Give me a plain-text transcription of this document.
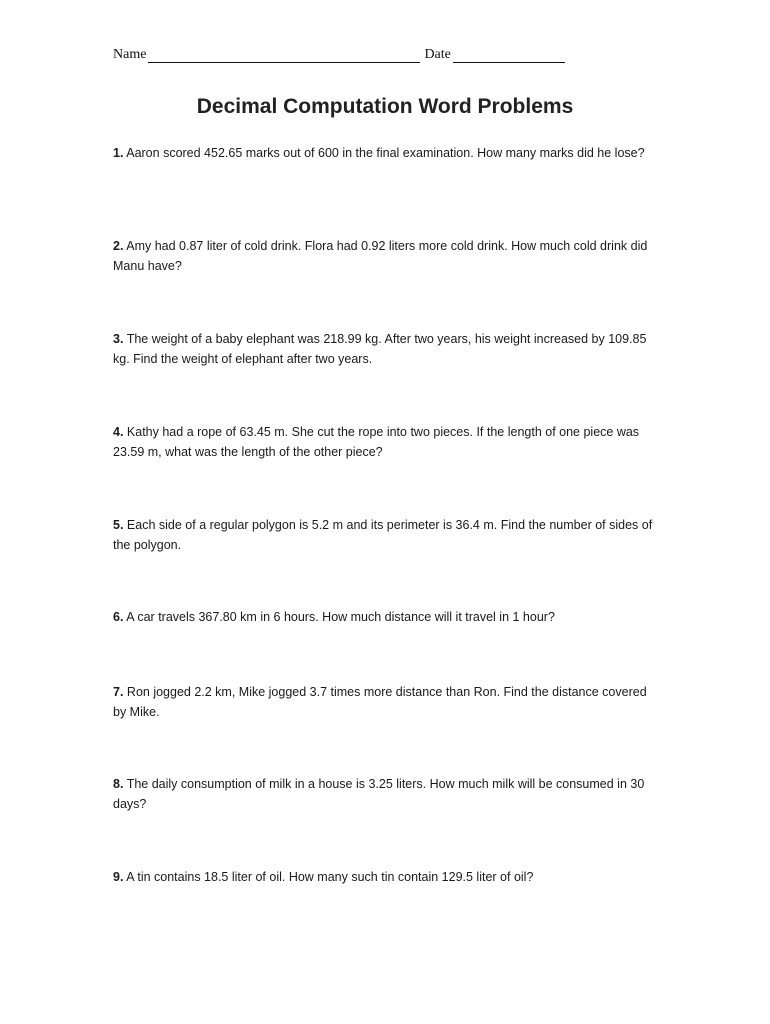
Name	Date
Decimal Computation Word Problems

1. Aaron scored 452.65 marks out of 600 in the final examination. How many marks did he lose?

2. Amy had 0.87 liter of cold drink. Flora had 0.92 liters more cold drink. How much cold drink did Manu have?

3. The weight of a baby elephant was 218.99 kg. After two years, his weight increased by 109.85 kg. Find the weight of elephant after two years.

4. Kathy had a rope of 63.45 m. She cut the rope into two pieces. If the length of one piece was 23.59 m, what was the length of the other piece?

5. Each side of a regular polygon is 5.2 m and its perimeter is 36.4 m. Find the number of sides of the polygon.

6. A car travels 367.80 km in 6 hours. How much distance will it travel in 1 hour?

7. Ron jogged 2.2 km, Mike jogged 3.7 times more distance than Ron. Find the distance covered by Mike.

8. The daily consumption of milk in a house is 3.25 liters. How much milk will be consumed in 30 days?

9. A tin contains 18.5 liter of oil. How many such tin contain 129.5 liter of oil?
